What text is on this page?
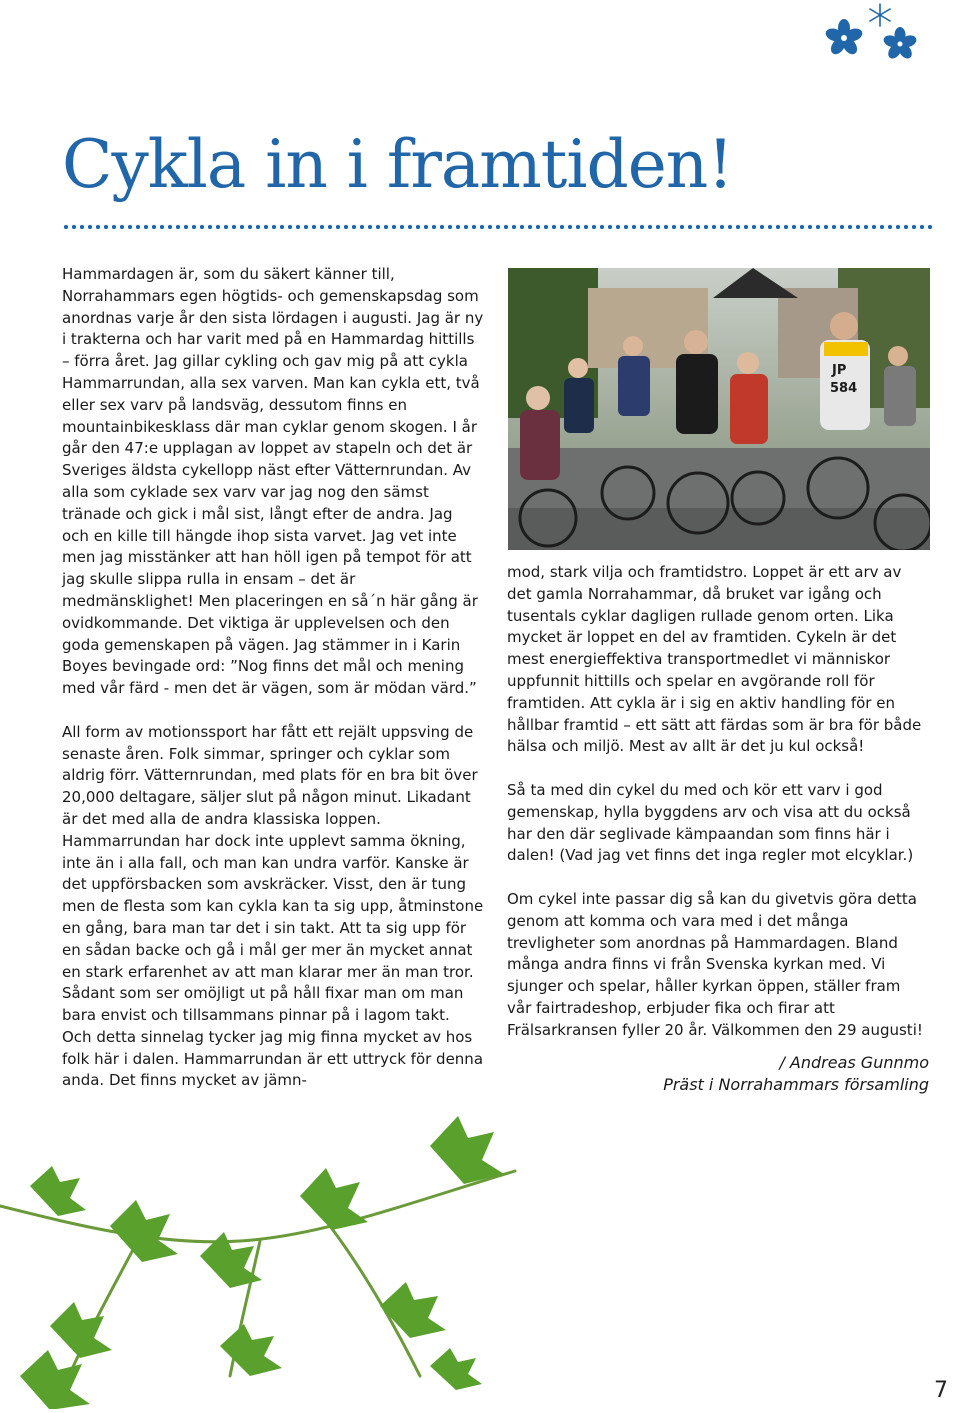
Cykla in i framtiden!

Hammardagen är, som du säkert känner till, Norrahammars egen högtids- och gemenskapsdag som anordnas varje år den sista lördagen i augusti. Jag är ny i trakterna och har varit med på en Hammardag hittills – förra året. Jag gillar cykling och gav mig på att cykla Hammarrundan, alla sex varven. Man kan cykla ett, två eller sex varv på landsväg, dessutom finns en mountainbikesklass där man cyklar genom skogen. I år går den 47:e upplagan av loppet av stapeln och det är Sveriges äldsta cykellopp näst efter Vätternrundan. Av alla som cyklade sex varv var jag nog den sämst tränade och gick i mål sist, långt efter de andra. Jag och en kille till hängde ihop sista varvet. Jag vet inte men jag misstänker att han höll igen på tempot för att jag skulle slippa rulla in ensam – det är medmänsklighet! Men placeringen en så´n här gång är ovidkommande. Det viktiga är upplevelsen och den goda gemenskapen på vägen. Jag stämmer in i Karin Boyes bevingade ord: ”Nog finns det mål och mening med vår färd - men det är vägen, som är mödan värd.”

All form av motionssport har fått ett rejält uppsving de senaste åren. Folk simmar, springer och cyklar som aldrig förr. Vätternrundan, med plats för en bra bit över 20,000 deltagare, säljer slut på någon minut. Likadant är det med alla de andra klassiska loppen. Hammarrundan har dock inte upplevt samma ökning, inte än i alla fall, och man kan undra varför. Kanske är det uppförsbacken som avskräcker. Visst, den är tung men de flesta som kan cykla kan ta sig upp, åtminstone en gång, bara man tar det i sin takt. Att ta sig upp för en sådan backe och gå i mål ger mer än mycket annat en stark erfarenhet av att man klarar mer än man tror. Sådant som ser omöjligt ut på håll fixar man om man bara envist och tillsammans pinnar på i lagom takt. Och detta sinnelag tycker jag mig finna mycket av hos folk här i dalen. Hammarrundan är ett uttryck för denna anda. Det finns mycket av jämn-

JP
584

mod, stark vilja och framtidstro. Loppet är ett arv av det gamla Norrahammar, då bruket var igång och tusentals cyklar dagligen rullade genom orten. Lika mycket är loppet en del av framtiden. Cykeln är det mest energieffektiva transportmedlet vi människor uppfunnit hittills och spelar en avgörande roll för framtiden. Att cykla är i sig en aktiv handling för en hållbar framtid – ett sätt att färdas som är bra för både hälsa och miljö. Mest av allt är det ju kul också!

Så ta med din cykel du med och kör ett varv i god gemenskap, hylla byggdens arv och visa att du också har den där seglivade kämpaandan som finns här i dalen! (Vad jag vet finns det inga regler mot elcyklar.)

Om cykel inte passar dig så kan du givetvis göra detta genom att komma och vara med i det många trevligheter som anordnas på Hammardagen. Bland många andra finns vi från Svenska kyrkan med. Vi sjunger och spelar, håller kyrkan öppen, ställer fram vår fairtradeshop, erbjuder fika och firar att Frälsarkransen fyller 20 år. Välkommen den 29 augusti!

/ Andreas Gunnmo
Präst i Norrahammars församling
7
